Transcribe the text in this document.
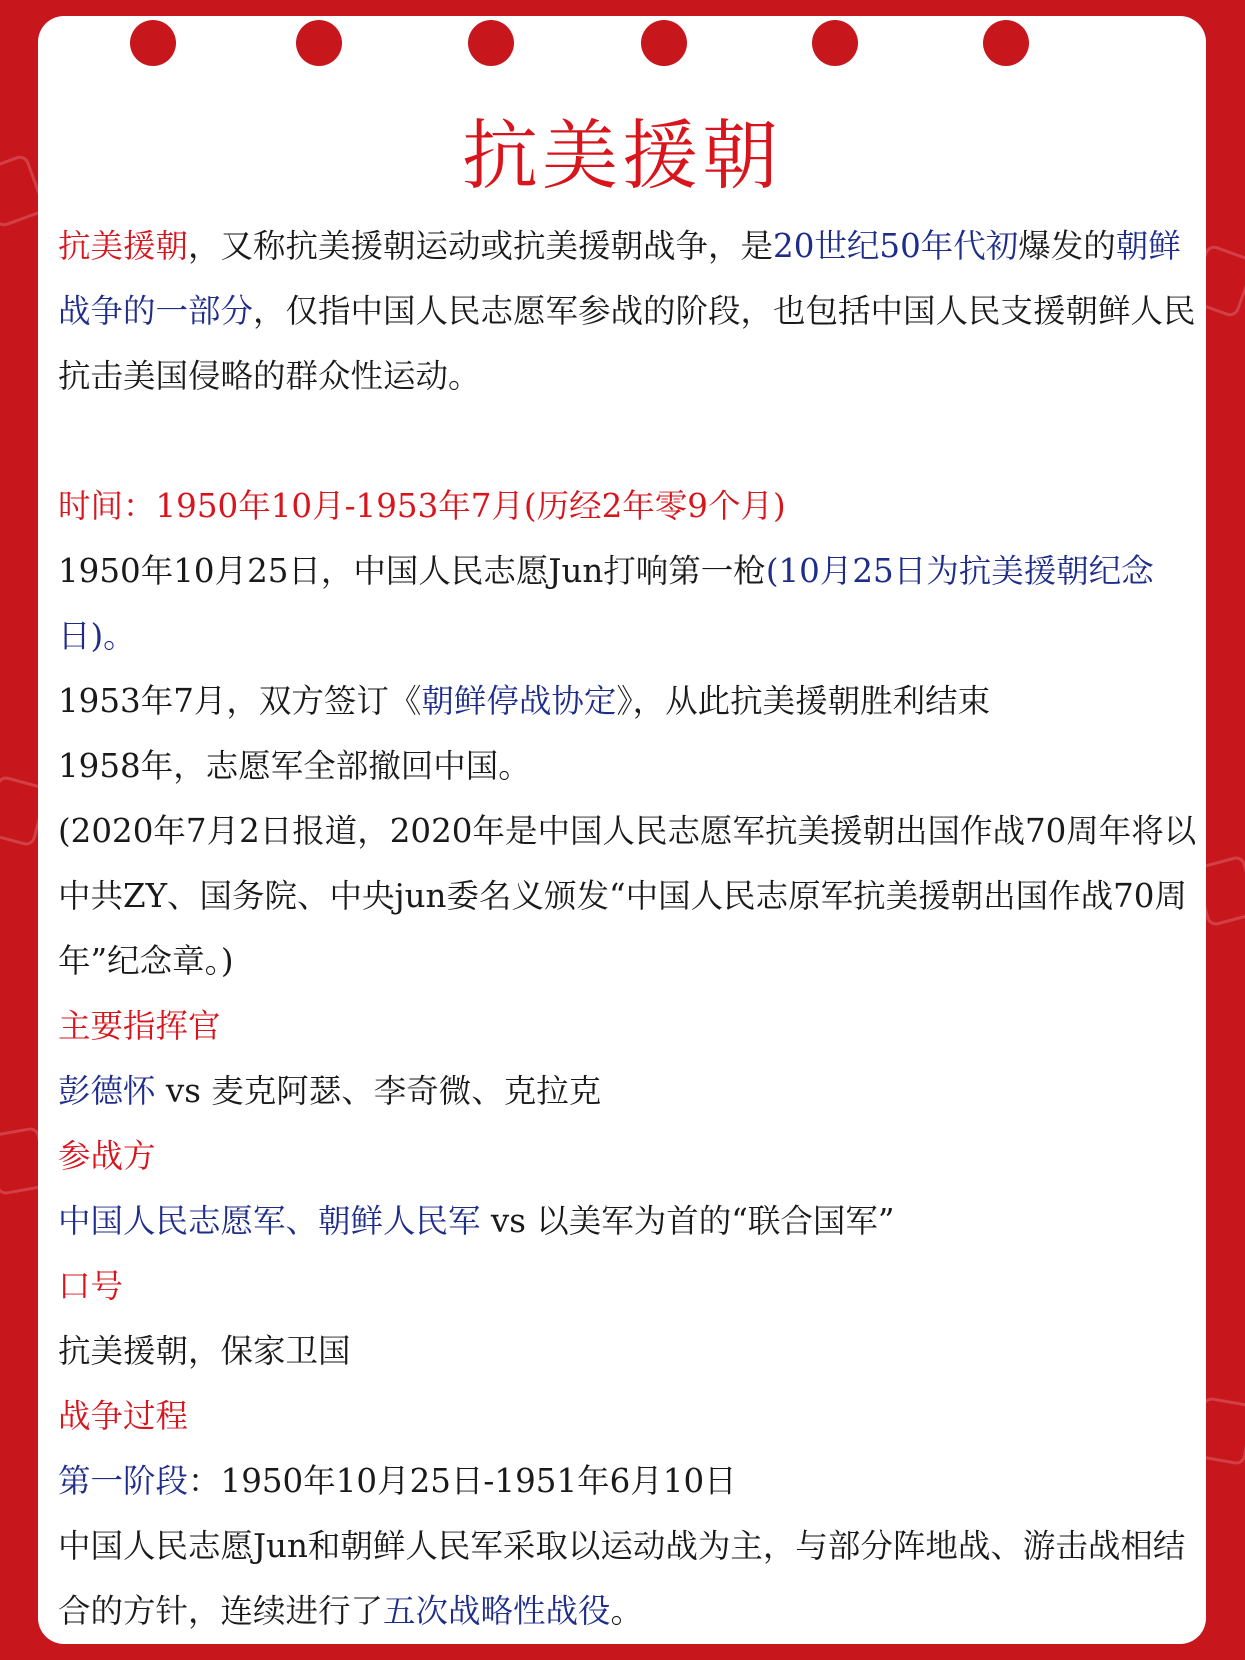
抗美援朝

抗美援朝，又称抗美援朝运动或抗美援朝战争，是20世纪50年代初爆发的朝鲜战争的一部分，仅指中国人民志愿军参战的阶段，也包括中国人民支援朝鲜人民抗击美国侵略的群众性运动。

时间：1950年10月-1953年7月(历经2年零9个月)

1950年10月25日，中国人民志愿Jun打响第一枪(10月25日为抗美援朝纪念日)。

1953年7月，双方签订《朝鲜停战协定》，从此抗美援朝胜利结束

1958年，志愿军全部撤回中国。

(2020年7月2日报道，2020年是中国人民志愿军抗美援朝出国作战70周年将以中共ZY、国务院、中央jun委名义颁发“中国人民志原军抗美援朝出国作战70周年”纪念章。)

主要指挥官

彭德怀 vs 麦克阿瑟、李奇微、克拉克

参战方

中国人民志愿军、朝鲜人民军 vs 以美军为首的“联合国军”

口号

抗美援朝，保家卫国

战争过程

第一阶段：1950年10月25日-1951年6月10日

中国人民志愿Jun和朝鲜人民军采取以运动战为主，与部分阵地战、游击战相结合的方针，连续进行了五次战略性战役。
